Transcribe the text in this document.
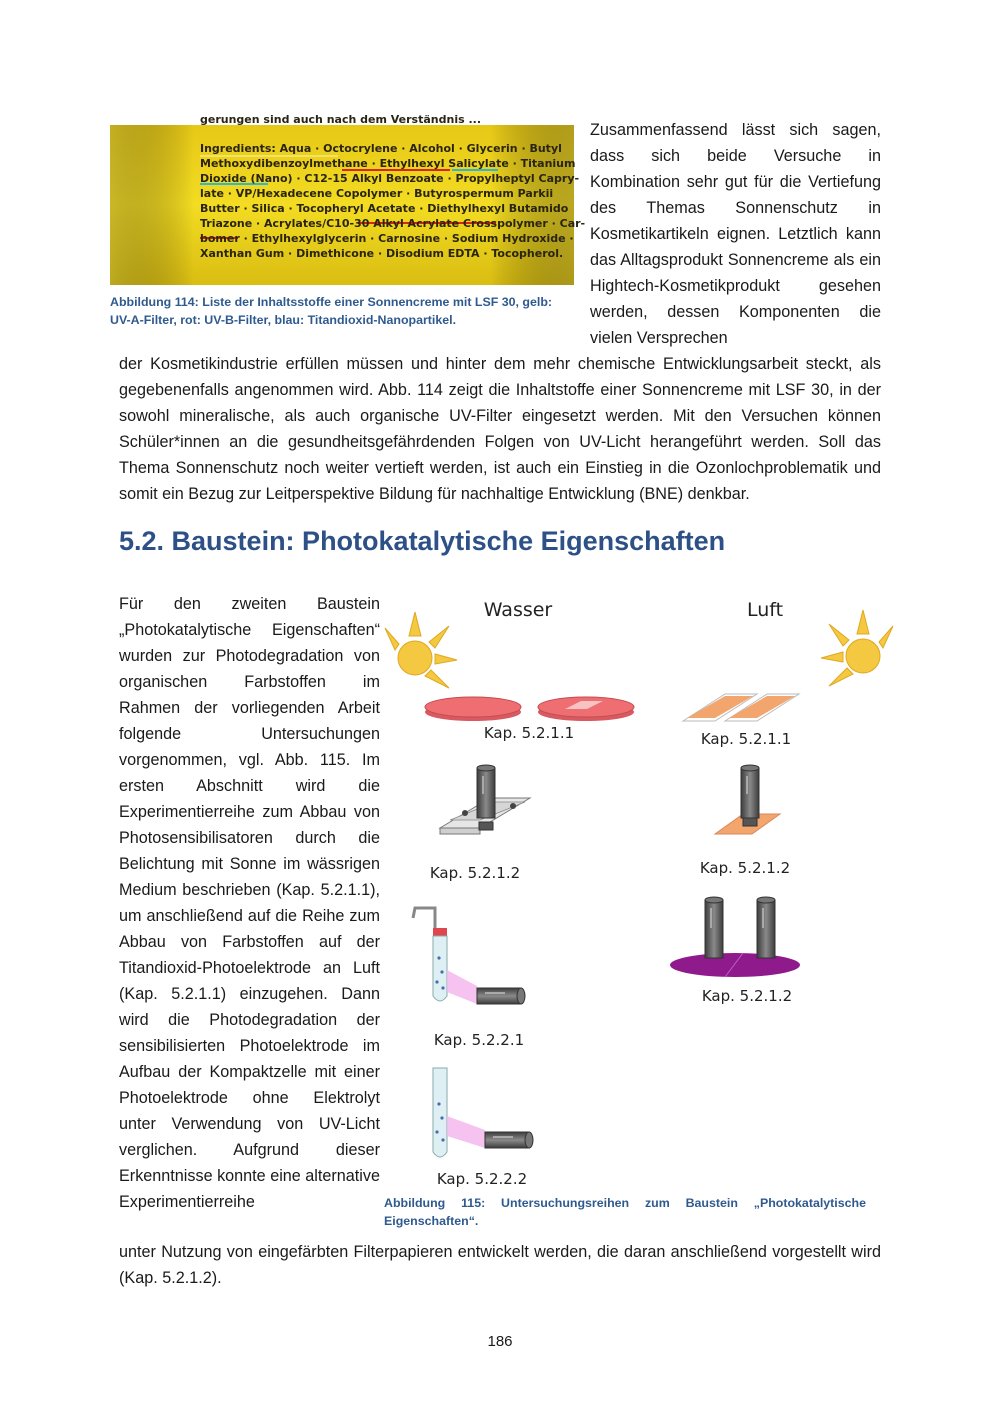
gerungen sind auch nach dem Verständnis ...
Ingredients: Aqua · Octocrylene · Alcohol · Glycerin · Butyl
Methoxydibenzoylmethane · Ethylhexyl Salicylate · Titanium
Dioxide (Nano) · C12-15 Alkyl Benzoate · Propylheptyl Capry-
late · VP/Hexadecene Copolymer · Butyrospermum Parkii
Butter · Silica · Tocopheryl Acetate · Diethylhexyl Butamido
Triazone · Acrylates/C10-30 Alkyl Acrylate Crosspolymer · Car-
bomer · Ethylhexylglycerin · Carnosine · Sodium Hydroxide ·
Xanthan Gum · Dimethicone · Disodium EDTA · Tocopherol.
Abbildung 114: Liste der Inhaltsstoffe einer Sonnencreme mit LSF 30, gelb:
UV-A-Filter, rot: UV-B-Filter, blau: Titandioxid-Nanopartikel.
Zusammenfassend lässt sich sagen, dass sich beide Versuche in Kombination sehr gut für die Vertiefung des Themas Sonnenschutz in Kosmetikartikeln eignen. Letztlich kann das Alltagsprodukt Sonnencreme als ein Hightech-Kosmetikprodukt gesehen werden, dessen Komponenten die vielen Versprechen
der Kosmetikindustrie erfüllen müssen und hinter dem mehr chemische Entwicklungsarbeit steckt, als gegebenenfalls angenommen wird. Abb. 114 zeigt die Inhaltstoffe einer Sonnencreme mit LSF 30, in der sowohl mineralische, als auch organische UV-Filter eingesetzt werden. Mit den Versuchen können Schüler*innen an die gesundheitsgefährdenden Folgen von UV-Licht herangeführt werden. Soll das Thema Sonnenschutz noch weiter vertieft werden, ist auch ein Einstieg in die Ozonlochproblematik und somit ein Bezug zur Leitperspektive Bildung für nachhaltige Entwicklung (BNE) denkbar.
5.2. Baustein: Photokatalytische Eigenschaften
Für den zweiten Baustein „Photokatalytische Eigenschaften“ wurden zur Photodegradation von organischen Farbstoffen im Rahmen der vorliegenden Arbeit folgende Untersuchungen vorgenommen, vgl. Abb. 115. Im ersten Abschnitt wird die Experimentierreihe zum Abbau von Photosensibilisatoren durch die Belichtung mit Sonne im wässrigen Medium beschrieben (Kap. 5.2.1.1), um anschließend auf die Reihe zum Abbau von Farbstoffen auf der Titandioxid-Photoelektrode an Luft (Kap. 5.2.1.1) einzugehen. Dann wird die Photodegradation der sensibilisierten Photoelektrode im Aufbau der Kompaktzelle mit einer Photoelektrode ohne Elektrolyt unter Verwendung von UV-Licht verglichen. Aufgrund dieser Erkenntnisse konnte eine alternative Experimentierreihe
unter Nutzung von eingefärbten Filterpapieren entwickelt werden, die daran anschließend vorgestellt wird (Kap. 5.2.1.2).
Wasser	Luft
Kap. 5.2.1.1	Kap. 5.2.1.1
Kap. 5.2.1.2	Kap. 5.2.1.2
Kap. 5.2.1.2
Kap. 5.2.2.1
Kap. 5.2.2.2
Abbildung 115: Untersuchungsreihen zum Baustein „Photokatalytische
Eigenschaften“.
186
